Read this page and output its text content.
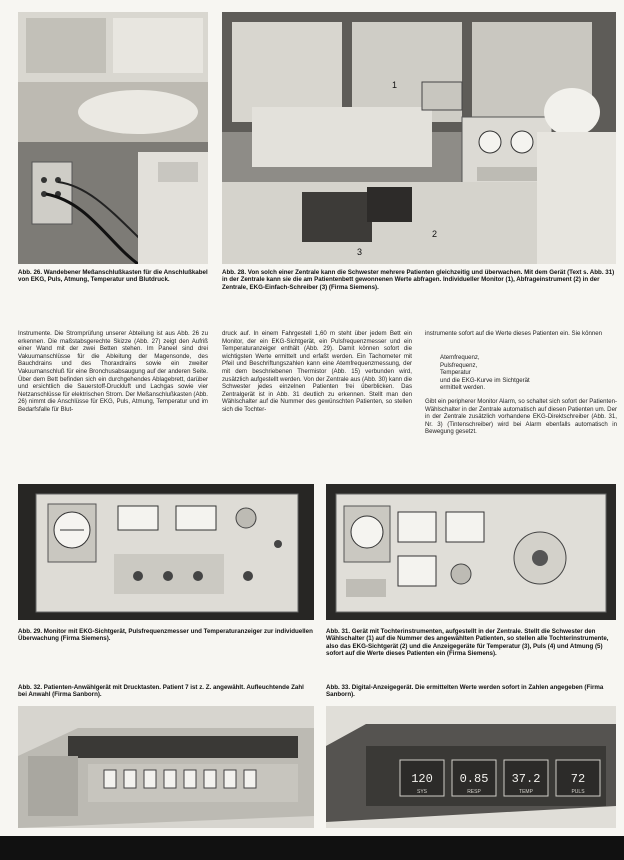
1
2
3
Abb. 26. Wandebener Meßanschlußkasten für die Anschlußkabel von EKG, Puls, Atmung, Temperatur und Blutdruck.
Abb. 28. Von solch einer Zentrale kann die Schwester mehrere Patienten gleichzeitig und überwachen. Mit dem Gerät (Text s. Abb. 31) in der Zentrale kann sie die am Patientenbett gewonnenen Werte abfragen. Individueller Monitor (1), Abfrageinstrument (2) in der Zentrale, EKG-Einfach-Schreiber (3) (Firma Siemens).

Instrumente. Die Stromprüfung unserer Abteilung ist aus Abb. 26 zu erkennen. Die maßstabsgerechte Skizze (Abb. 27) zeigt den Aufriß einer Wand mit der zwei Betten stehen. Im Paneel sind drei Vakuumanschlüsse für die Ableitung der Magensonde, des Bauchdrains und des Thoraxdrains sowie ein zweiter Vakuumanschluß für eine Bronchusabsaugung auf der anderen Seite. Über dem Bett befinden sich ein durchgehendes Ablagebrett, darüber und ersichtlich die Sauerstoff-Druckluft und Lachgas sowie vier Netzanschlüsse für elektrischen Strom. Der Meßanschlußkasten (Abb. 26) nimmt die Anschlüsse für EKG, Puls, Atmung, Temperatur und im Bedarfsfalle für Blut-

druck auf. In einem Fahrgestell 1,60 m steht über jedem Bett ein Monitor, der ein EKG-Sichtgerät, ein Pulsfrequenzmesser und ein Temperaturanzeiger enthält (Abb. 29). Damit können sofort die wichtigsten Werte ermittelt und erfaßt werden. Ein Tachometer mit Pfeil und Beschriftungszahlen kann eine Atemfrequenzmessung, der mit dem beschriebenen Thermistor (Abb. 15) verbunden wird, zusätzlich aufgestellt werden. Von der Zentrale aus (Abb. 30) kann die Schwester jedes einzelnen Patienten frei überblicken. Das Zentralgerät ist in Abb. 31 deutlich zu erkennen. Stellt man den Wählschalter auf die Nummer des gewünschten Patienten, so stellen sich die Tochter-

instrumente sofort auf die Werte dieses Patienten ein. Sie können

Atemfrequenz,
Pulsfrequenz,
Temperatur
und die EKG-Kurve im Sichtgerät
ermittelt werden.

Gibt ein peripherer Monitor Alarm, so schaltet sich sofort der Patienten-Wählschalter in der Zentrale automatisch auf diesen Patienten um. Der in der Zentrale zusätzlich vorhandene EKG-Direktschreiber (Abb. 31, Nr. 3) (Tintenschreiber) wird bei Alarm ebenfalls automatisch in Bewegung gesetzt.

Abb. 29. Monitor mit EKG-Sichtgerät, Pulsfrequenzmesser und Temperaturanzeiger zur individuellen Überwachung (Firma Siemens).
Abb. 31. Gerät mit Tochterinstrumenten, aufgestellt in der Zentrale. Stellt die Schwester den Wählschalter (1) auf die Nummer des angewählten Patienten, so stellen alle Tochterinstrumente, also das EKG-Sichtgerät (2) und die Anzeigegeräte für Temperatur (3), Puls (4) und Atmung (5) sofort auf die Werte dieses Patienten ein (Firma Siemens).
Abb. 32. Patienten-Anwählgerät mit Drucktasten. Patient 7 ist z. Z. angewählt. Aufleuchtende Zahl bei Anwahl (Firma Sanborn).
Abb. 33. Digital-Anzeigegerät. Die ermittelten Werte werden sofort in Zahlen angegeben (Firma Sanborn).
120 0.85 37.2	72
SYS	RESP	TEMP	PULS
